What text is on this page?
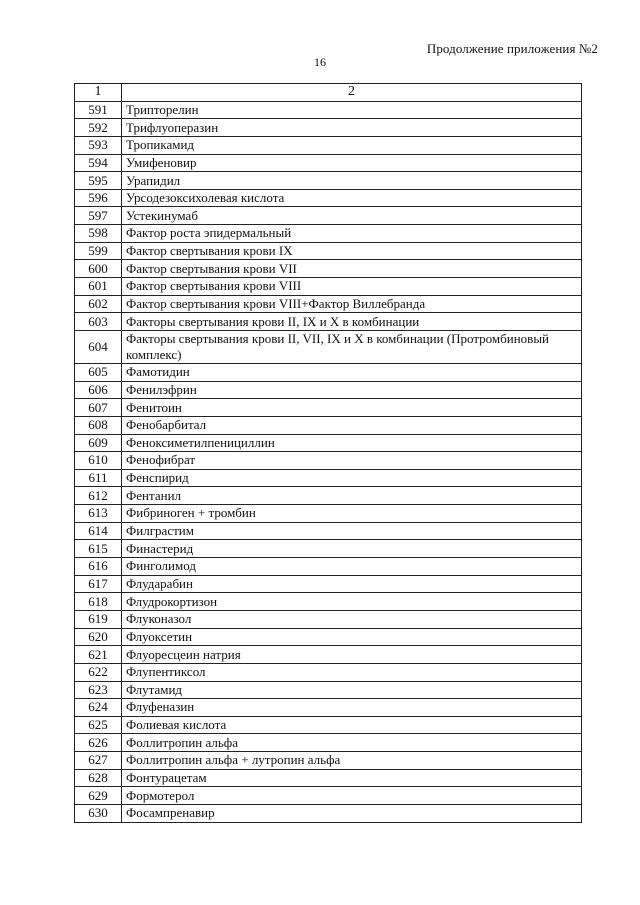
Продолжение приложения №2
16
1	2
591	Трипторелин
592	Трифлуоперазин
593	Тропикамид
594	Умифеновир
595	Урапидил
596	Урсодезоксихолевая кислота
597	Устекинумаб
598	Фактор роста эпидермальный
599	Фактор свертывания крови IX
600	Фактор свертывания крови VII
601	Фактор свертывания крови VIII
602	Фактор свертывания крови VIII+Фактор Виллебранда
603	Факторы свертывания крови II, IX и X в комбинации
604	Факторы свертывания крови II, VII, IX и X в комбинации (Протромбиновый комплекс)
605	Фамотидин
606	Фенилэфрин
607	Фенитоин
608	Фенобарбитал
609	Феноксиметилпенициллин
610	Фенофибрат
611	Фенспирид
612	Фентанил
613	Фибриноген + тромбин
614	Филграстим
615	Финастерид
616	Финголимод
617	Флударабин
618	Флудрокортизон
619	Флуконазол
620	Флуоксетин
621	Флуоресцеин натрия
622	Флупентиксол
623	Флутамид
624	Флуфеназин
625	Фолиевая кислота
626	Фоллитропин альфа
627	Фоллитропин альфа + лутропин альфа
628	Фонтурацетам
629	Формотерол
630	Фосампренавир
